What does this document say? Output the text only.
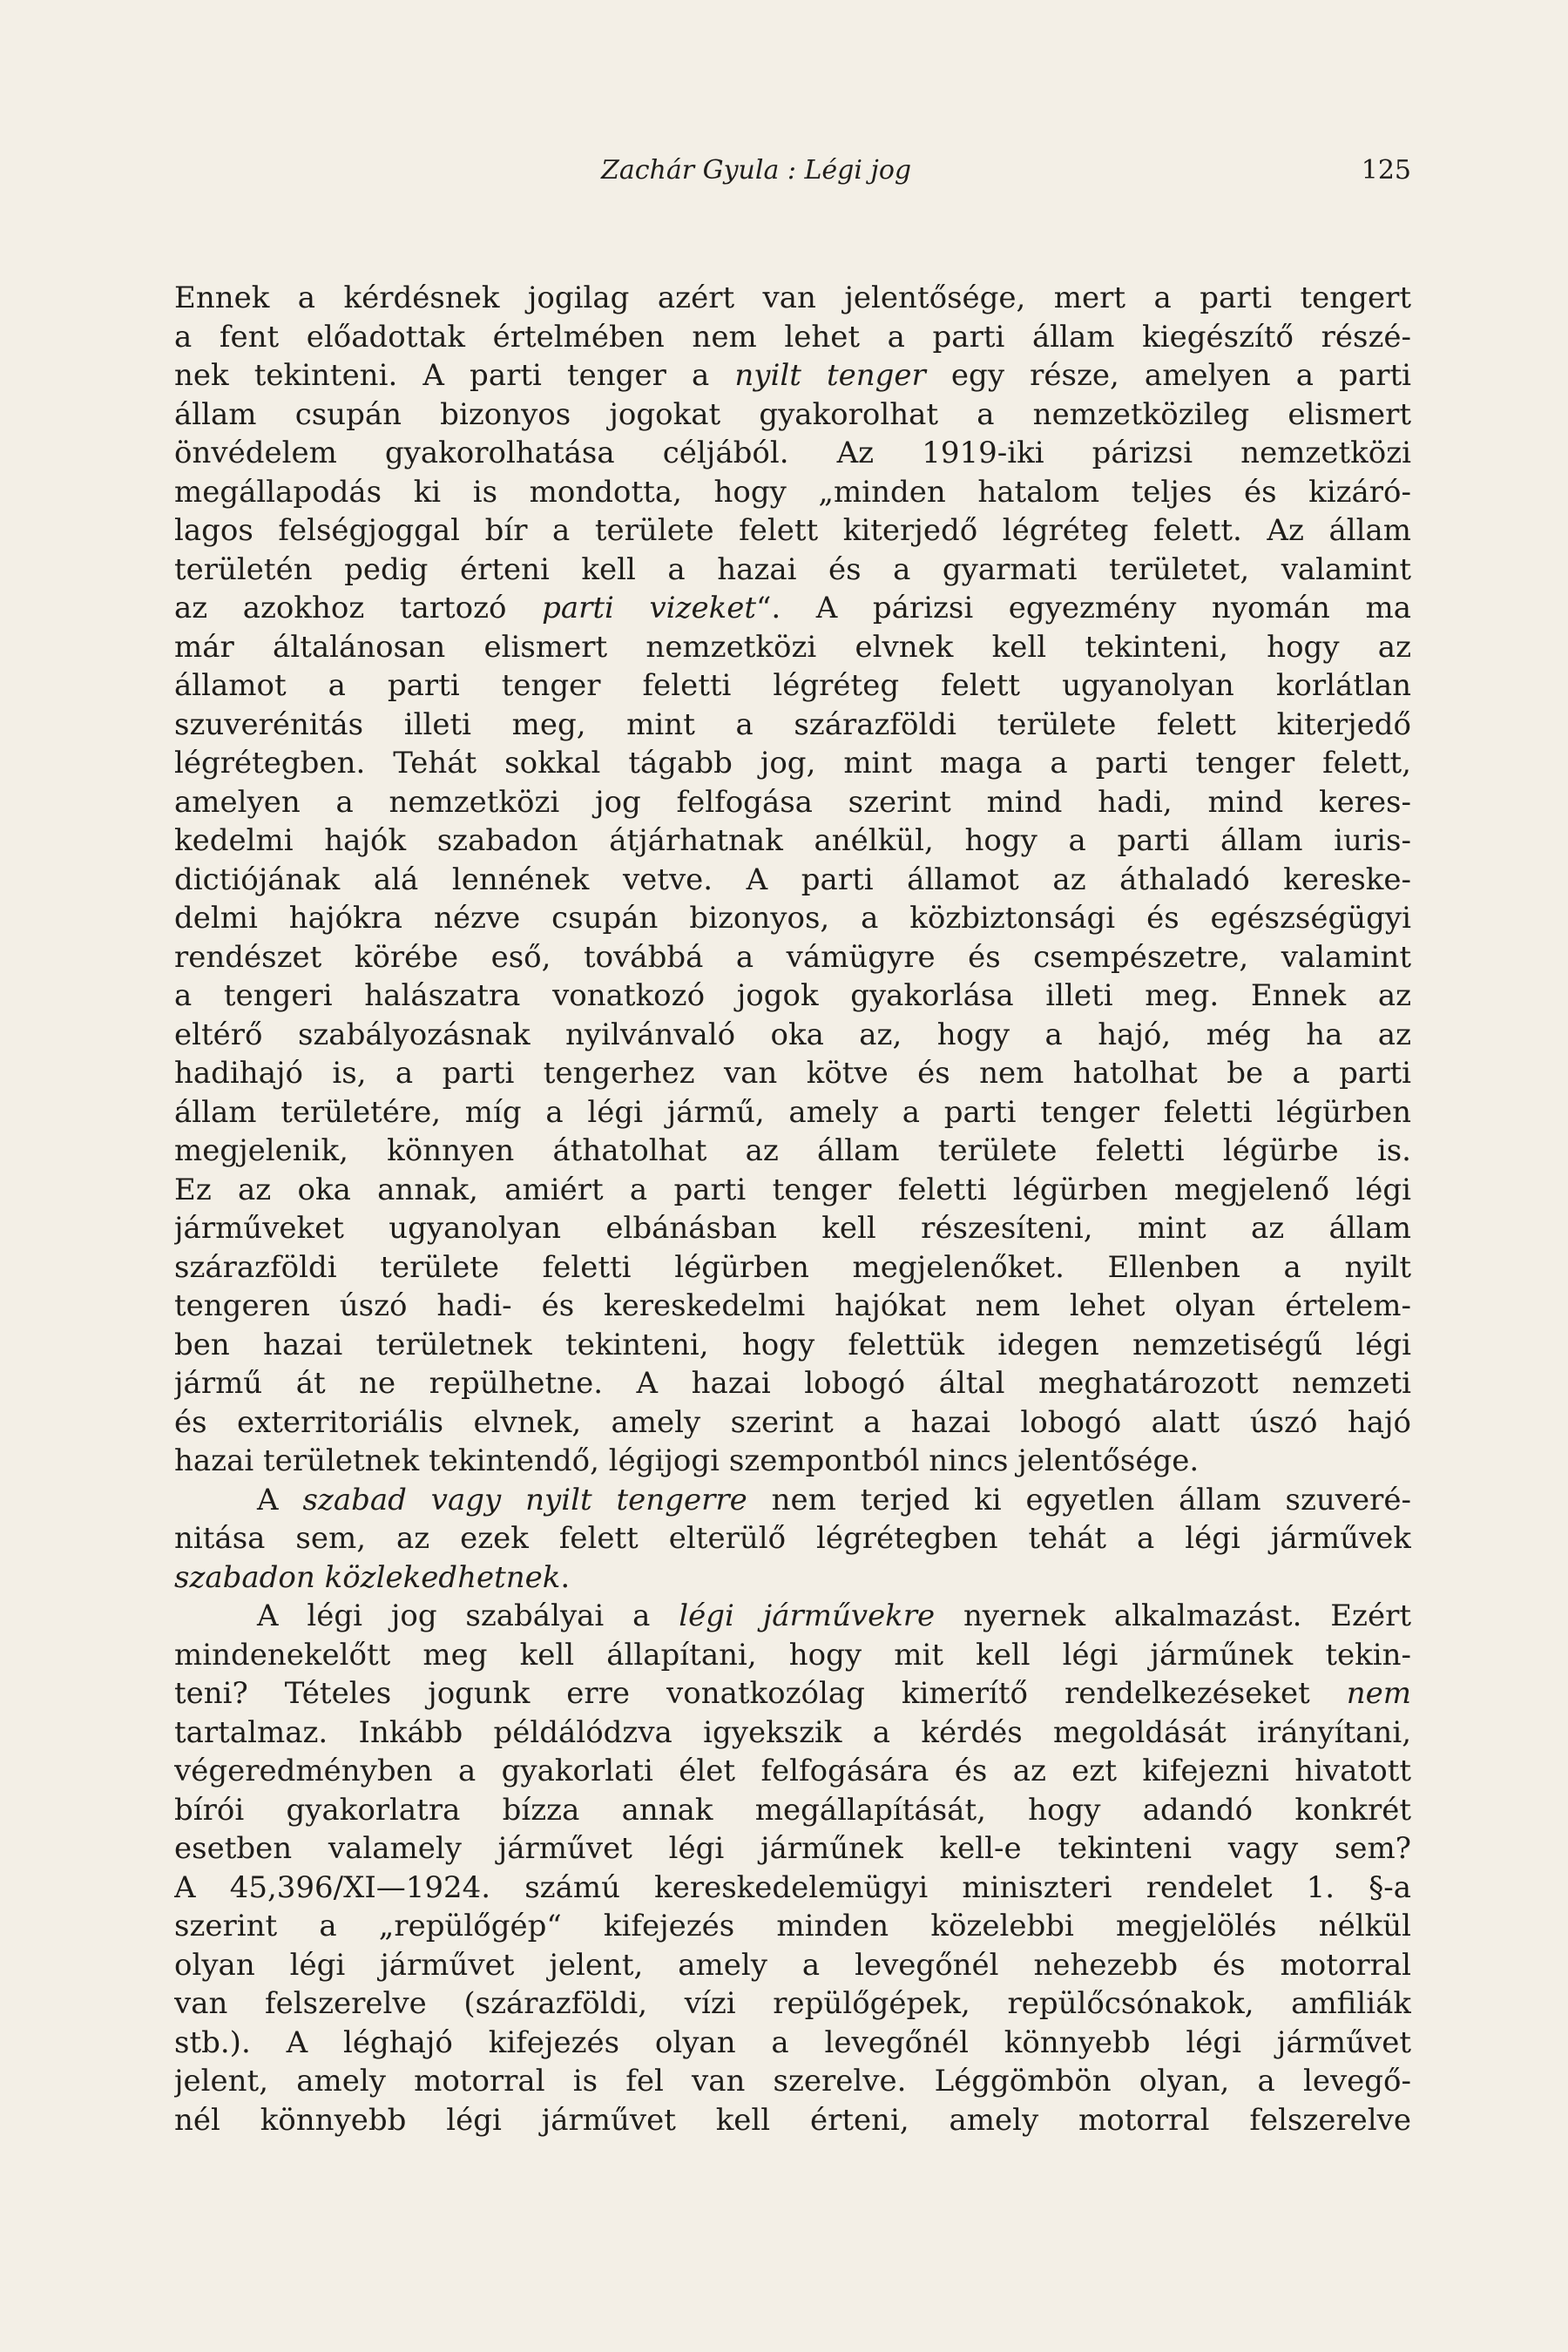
Zachár Gyula : Légi jog	125
Ennek a kérdésnek jogilag azért van jelentősége, mert a parti tengert
a fent előadottak értelmében nem lehet a parti állam kiegészítő részé-
nek tekinteni. A parti tenger a nyilt tenger egy része, amelyen a parti
állam csupán bizonyos jogokat gyakorolhat a nemzetközileg elismert
önvédelem gyakorolhatása céljából. Az 1919-iki párizsi nemzetközi
megállapodás ki is mondotta, hogy „minden hatalom teljes és kizáró-
lagos felségjoggal bír a területe felett kiterjedő légréteg felett. Az állam
területén pedig érteni kell a hazai és a gyarmati területet, valamint
az azokhoz tartozó parti vizeket“. A párizsi egyezmény nyomán ma
már általánosan elismert nemzetközi elvnek kell tekinteni, hogy az
államot a parti tenger feletti légréteg felett ugyanolyan korlátlan
szuverénitás illeti meg, mint a szárazföldi területe felett kiterjedő
légrétegben. Tehát sokkal tágabb jog, mint maga a parti tenger felett,
amelyen a nemzetközi jog felfogása szerint mind hadi, mind keres-
kedelmi hajók szabadon átjárhatnak anélkül, hogy a parti állam iuris-
dictiójának alá lennének vetve. A parti államot az áthaladó kereske-
delmi hajókra nézve csupán bizonyos, a közbiztonsági és egészségügyi
rendészet körébe eső, továbbá a vámügyre és csempészetre, valamint
a tengeri halászatra vonatkozó jogok gyakorlása illeti meg. Ennek az
eltérő szabályozásnak nyilvánvaló oka az, hogy a hajó, még ha az
hadihajó is, a parti tengerhez van kötve és nem hatolhat be a parti
állam területére, míg a légi jármű, amely a parti tenger feletti légürben
megjelenik, könnyen áthatolhat az állam területe feletti légürbe is.
Ez az oka annak, amiért a parti tenger feletti légürben megjelenő légi
járműveket ugyanolyan elbánásban kell részesíteni, mint az állam
szárazföldi területe feletti légürben megjelenőket. Ellenben a nyilt
tengeren úszó hadi- és kereskedelmi hajókat nem lehet olyan értelem-
ben hazai területnek tekinteni, hogy felettük idegen nemzetiségű légi
jármű át ne repülhetne. A hazai lobogó által meghatározott nemzeti
és exterritoriális elvnek, amely szerint a hazai lobogó alatt úszó hajó
hazai területnek tekintendő, légijogi szempontból nincs jelentősége.
A szabad vagy nyilt tengerre nem terjed ki egyetlen állam szuveré-
nitása sem, az ezek felett elterülő légrétegben tehát a légi járművek
szabadon közlekedhetnek.
A légi jog szabályai a légi járművekre nyernek alkalmazást. Ezért
mindenekelőtt meg kell állapítani, hogy mit kell légi járműnek tekin-
teni? Tételes jogunk erre vonatkozólag kimerítő rendelkezéseket nem
tartalmaz. Inkább példálódzva igyekszik a kérdés megoldását irányítani,
végeredményben a gyakorlati élet felfogására és az ezt kifejezni hivatott
bírói gyakorlatra bízza annak megállapítását, hogy adandó konkrét
esetben valamely járművet légi járműnek kell-e tekinteni vagy sem?
A 45,396/XI—1924. számú kereskedelemügyi miniszteri rendelet 1. §-a
szerint a „repülőgép“ kifejezés minden közelebbi megjelölés nélkül
olyan légi járművet jelent, amely a levegőnél nehezebb és motorral
van felszerelve (szárazföldi, vízi repülőgépek, repülőcsónakok, amfiliák
stb.). A léghajó kifejezés olyan a levegőnél könnyebb légi járművet
jelent, amely motorral is fel van szerelve. Léggömbön olyan, a levegő-
nél könnyebb légi járművet kell érteni, amely motorral felszerelve
